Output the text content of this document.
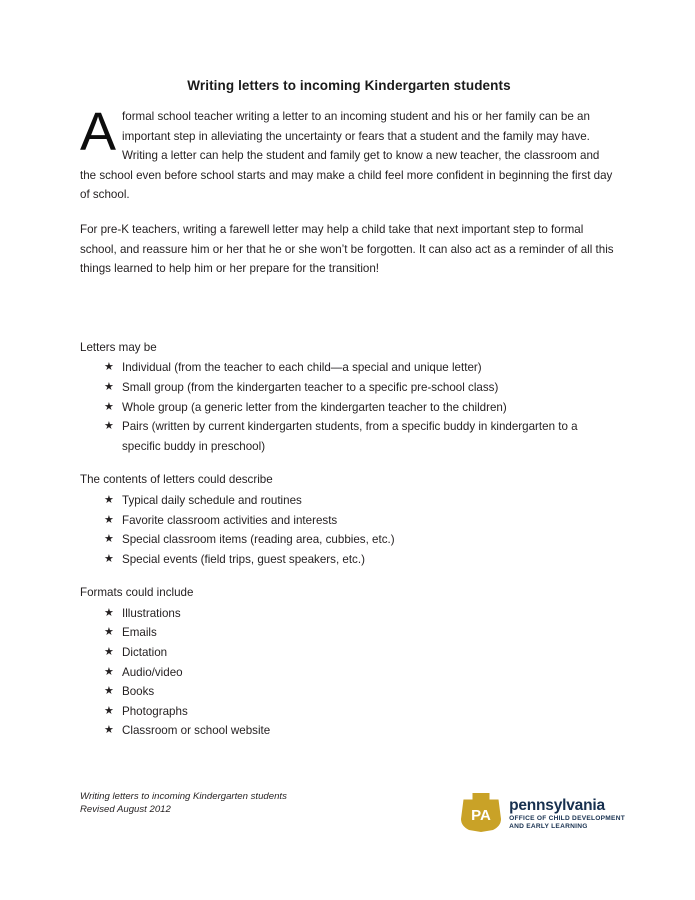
Writing letters to incoming Kindergarten students
A formal school teacher writing a letter to an incoming student and his or her family can be an important step in alleviating the uncertainty or fears that a student and the family may have. Writing a letter can help the student and family get to know a new teacher, the classroom and the school even before school starts and may make a child feel more confident in beginning the first day of school.
For pre-K teachers, writing a farewell letter may help a child take that next important step to formal school, and reassure him or her that he or she won’t be forgotten. It can also act as a reminder of all this things learned to help him or her prepare for the transition!
Letters may be
★ Individual (from the teacher to each child—a special and unique letter)
★ Small group (from the kindergarten teacher to a specific pre-school class)
★ Whole group (a generic letter from the kindergarten teacher to the children)
★ Pairs (written by current kindergarten students, from a specific buddy in kindergarten to a specific buddy in preschool)
The contents of letters could describe
★ Typical daily schedule and routines
★ Favorite classroom activities and interests
★ Special classroom items (reading area, cubbies, etc.)
★ Special events (field trips, guest speakers, etc.)
Formats could include
★ Illustrations
★ Emails
★ Dictation
★ Audio/video
★ Books
★ Photographs
★ Classroom or school website
Writing letters to incoming Kindergarten students
Revised August 2012	PA
pennsylvania
OFFICE OF CHILD DEVELOPMENT
AND EARLY LEARNING
